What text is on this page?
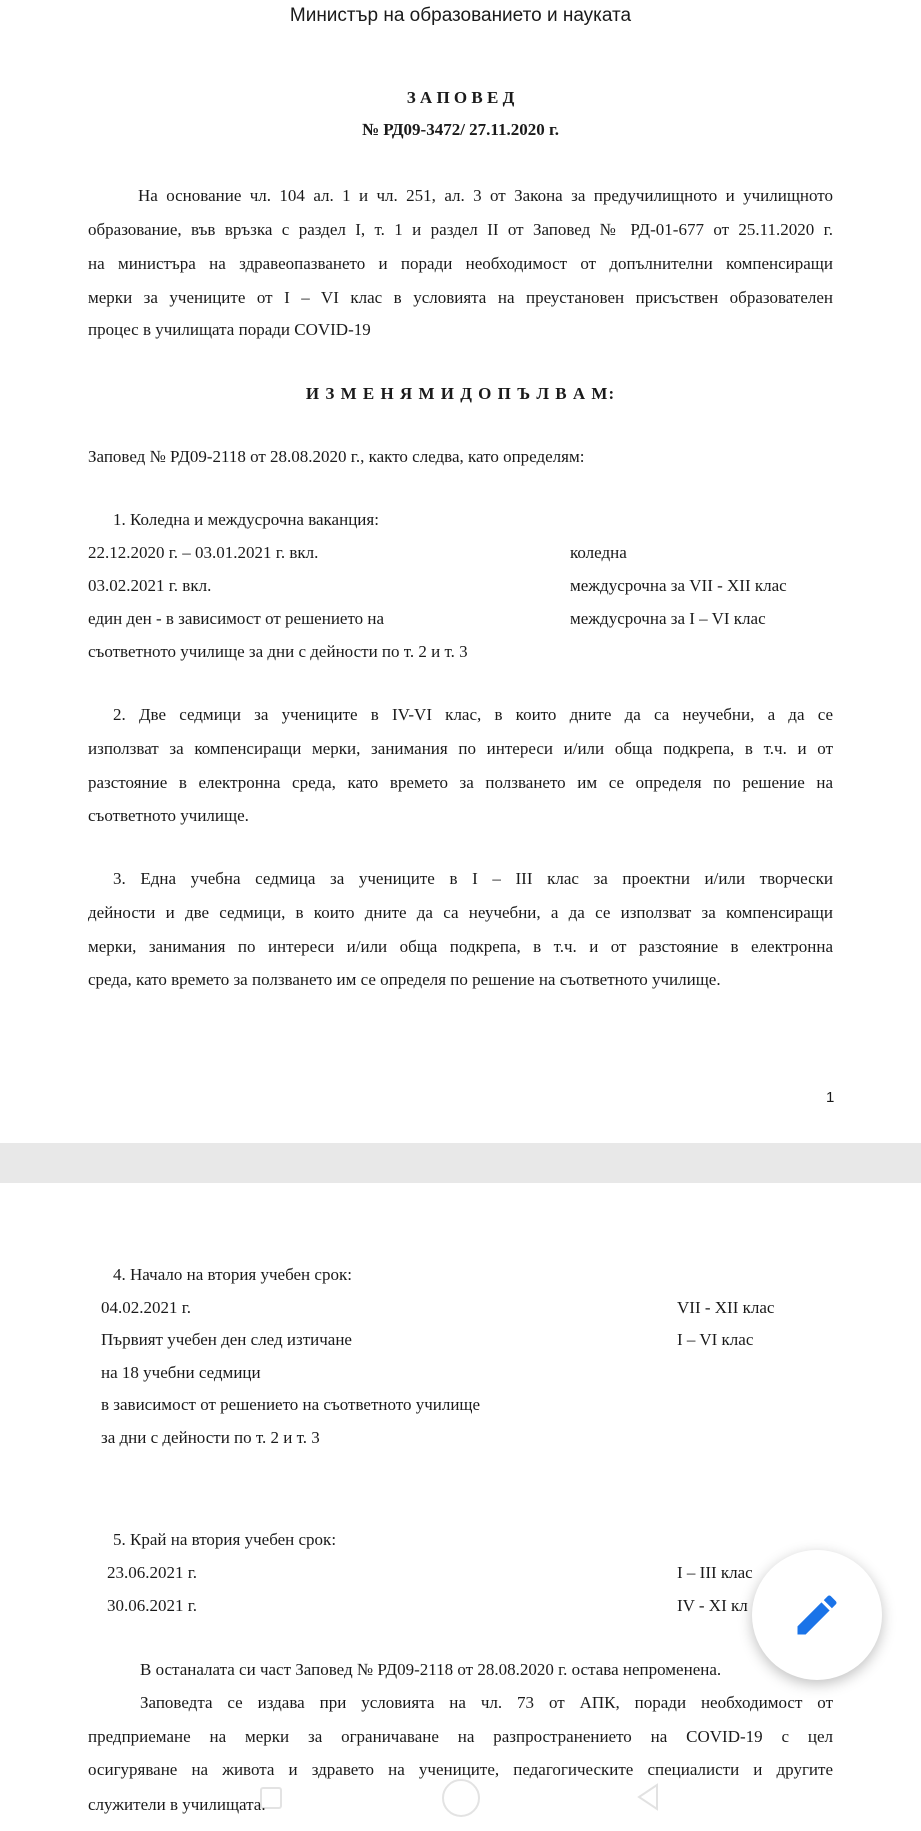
Министър на образованието и науката
З А П О В Е Д
№ РД09-3472/ 27.11.2020 г.
На основание чл. 104 ал. 1 и чл. 251, ал. 3 от Закона за предучилищното и училищното
образование, във връзка с раздел I, т. 1 и раздел II от Заповед № РД-01-677 от 25.11.2020 г.
на министъра на здравеопазването и поради необходимост от допълнителни компенсиращи
мерки за учениците от I – VI клас в условията на преустановен присъствен образователен
процес в училищата поради COVID-19
И З М Е Н Я М И Д О П Ъ Л В А М:
Заповед № РД09-2118 от 28.08.2020 г., както следва, като определям:
1. Коледна и междусрочна ваканция:
22.12.2020 г. – 03.01.2021 г. вкл.	коледна
03.02.2021 г. вкл.	междусрочна за VII - XII клас
един ден - в зависимост от решението на	междусрочна за I – VI клас
съответното училище за дни с дейности по т. 2 и т. 3
2. Две седмици за учениците в IV-VI клас, в които дните да са неучебни, а да се
използват за компенсиращи мерки, занимания по интереси и/или обща подкрепа, в т.ч. и от
разстояние в електронна среда, като времето за ползването им се определя по решение на
съответното училище.
3. Една учебна седмица за учениците в I – III клас за проектни и/или творчески
дейности и две седмици, в които дните да са неучебни, а да се използват за компенсиращи
мерки, занимания по интереси и/или обща подкрепа, в т.ч. и от разстояние в електронна
среда, като времето за ползването им се определя по решение на съответното училище.
1
4. Начало на втория учебен срок:
04.02.2021 г.	VII - XII клас
Първият учебен ден след изтичане	I – VI клас
на 18 учебни седмици
в зависимост от решението на съответното училище
за дни с дейности по т. 2 и т. 3
5. Край на втория учебен срок:
23.06.2021 г.	I – III клас
30.06.2021 г.	IV - XI кл
В останалата си част Заповед № РД09-2118 от 28.08.2020 г. остава непроменена.
Заповедта се издава при условията на чл. 73 от АПК, поради необходимост от
предприемане на мерки за ограничаване на разпространението на COVID-19 с цел
осигуряване на живота и здравето на учениците, педагогическите специалисти и другите
служители в училищата.
